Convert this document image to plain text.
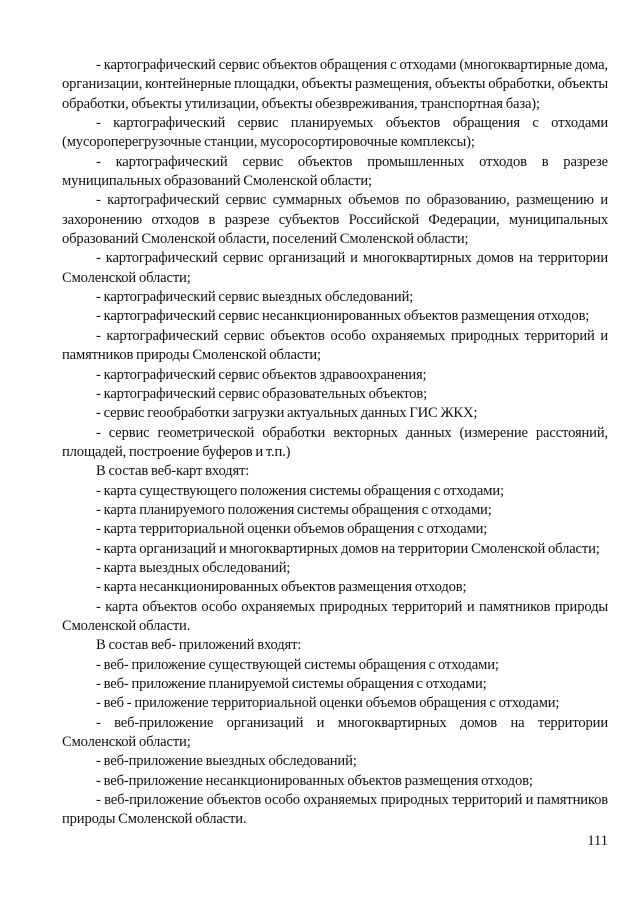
- картографический сервис объектов обращения с отходами (многоквартирные дома, организации, контейнерные площадки, объекты размещения, объекты обработки, объекты обработки, объекты утилизации, объекты обезвреживания, транспортная база);

- картографический сервис планируемых объектов обращения с отходами (мусороперегрузочные станции, мусоросортировочные комплексы);

- картографический сервис объектов промышленных отходов в разрезе муниципальных образований Смоленской области;

- картографический сервис суммарных объемов по образованию, размещению и захоронению отходов в разрезе субъектов Российской Федерации, муниципальных образований Смоленской области, поселений Смоленской области;

- картографический сервис организаций и многоквартирных домов на территории Смоленской области;

- картографический сервис выездных обследований;

- картографический сервис несанкционированных объектов размещения отходов;

- картографический сервис объектов особо охраняемых природных территорий и памятников природы Смоленской области;

- картографический сервис объектов здравоохранения;

- картографический сервис образовательных объектов;

- сервис геообработки загрузки актуальных данных ГИС ЖКХ;

- сервис геометрической обработки векторных данных (измерение расстояний, площадей, построение буферов и т.п.)

В состав веб-карт входят:

- карта существующего положения системы обращения с отходами;

- карта планируемого положения системы обращения с отходами;

- карта территориальной оценки объемов обращения с отходами;

- карта организаций и многоквартирных домов на территории Смоленской области;

- карта выездных обследований;

- карта несанкционированных объектов размещения отходов;

- карта объектов особо охраняемых природных территорий и памятников природы Смоленской области.

В состав веб- приложений входят:

- веб- приложение существующей системы обращения с отходами;

- веб- приложение планируемой системы обращения с отходами;

- веб - приложение территориальной оценки объемов обращения с отходами;

- веб-приложение организаций и многоквартирных домов на территории Смоленской области;

- веб-приложение выездных обследований;

- веб-приложение несанкционированных объектов размещения отходов;

- веб-приложение объектов особо охраняемых природных территорий и памятников природы Смоленской области.

111
